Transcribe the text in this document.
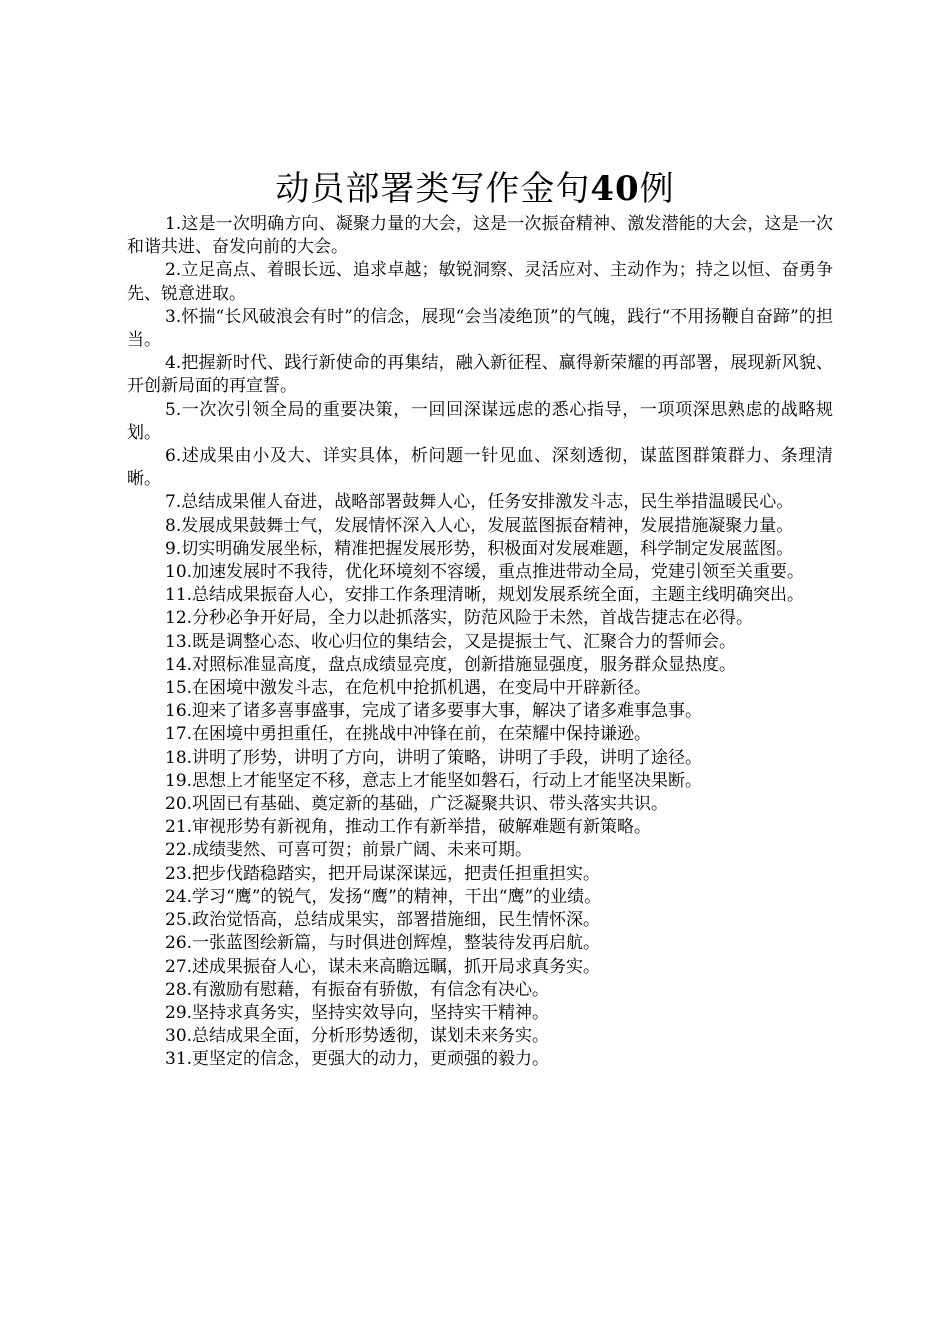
动员部署类写作金句40例

1.这是一次明确方向、凝聚力量的大会，这是一次振奋精神、激发潜能的大会，这是一次和谐共进、奋发向前的大会。

2.立足高点、着眼长远、追求卓越；敏锐洞察、灵活应对、主动作为；持之以恒、奋勇争先、锐意进取。

3.怀揣“长风破浪会有时”的信念，展现“会当凌绝顶”的气魄，践行“不用扬鞭自奋蹄”的担当。

4.把握新时代、践行新使命的再集结，融入新征程、赢得新荣耀的再部署，展现新风貌、开创新局面的再宣誓。

5.一次次引领全局的重要决策，一回回深谋远虑的悉心指导，一项项深思熟虑的战略规划。

6.述成果由小及大、详实具体，析问题一针见血、深刻透彻，谋蓝图群策群力、条理清晰。

7.总结成果催人奋进，战略部署鼓舞人心，任务安排激发斗志，民生举措温暖民心。

8.发展成果鼓舞士气，发展情怀深入人心，发展蓝图振奋精神，发展措施凝聚力量。

9.切实明确发展坐标，精准把握发展形势，积极面对发展难题，科学制定发展蓝图。

10.加速发展时不我待，优化环境刻不容缓，重点推进带动全局，党建引领至关重要。

11.总结成果振奋人心，安排工作条理清晰，规划发展系统全面，主题主线明确突出。

12.分秒必争开好局，全力以赴抓落实，防范风险于未然，首战告捷志在必得。

13.既是调整心态、收心归位的集结会，又是提振士气、汇聚合力的誓师会。

14.对照标准显高度，盘点成绩显亮度，创新措施显强度，服务群众显热度。

15.在困境中激发斗志，在危机中抢抓机遇，在变局中开辟新径。

16.迎来了诸多喜事盛事，完成了诸多要事大事，解决了诸多难事急事。

17.在困境中勇担重任，在挑战中冲锋在前，在荣耀中保持谦逊。

18.讲明了形势，讲明了方向，讲明了策略，讲明了手段，讲明了途径。

19.思想上才能坚定不移，意志上才能坚如磐石，行动上才能坚决果断。

20.巩固已有基础、奠定新的基础，广泛凝聚共识、带头落实共识。

21.审视形势有新视角，推动工作有新举措，破解难题有新策略。

22.成绩斐然、可喜可贺；前景广阔、未来可期。

23.把步伐踏稳踏实，把开局谋深谋远，把责任担重担实。

24.学习“鹰”的锐气，发扬“鹰”的精神，干出“鹰”的业绩。

25.政治觉悟高，总结成果实，部署措施细，民生情怀深。

26.一张蓝图绘新篇，与时俱进创辉煌，整装待发再启航。

27.述成果振奋人心，谋未来高瞻远瞩，抓开局求真务实。

28.有激励有慰藉，有振奋有骄傲，有信念有决心。

29.坚持求真务实，坚持实效导向，坚持实干精神。

30.总结成果全面，分析形势透彻，谋划未来务实。

31.更坚定的信念，更强大的动力，更顽强的毅力。
